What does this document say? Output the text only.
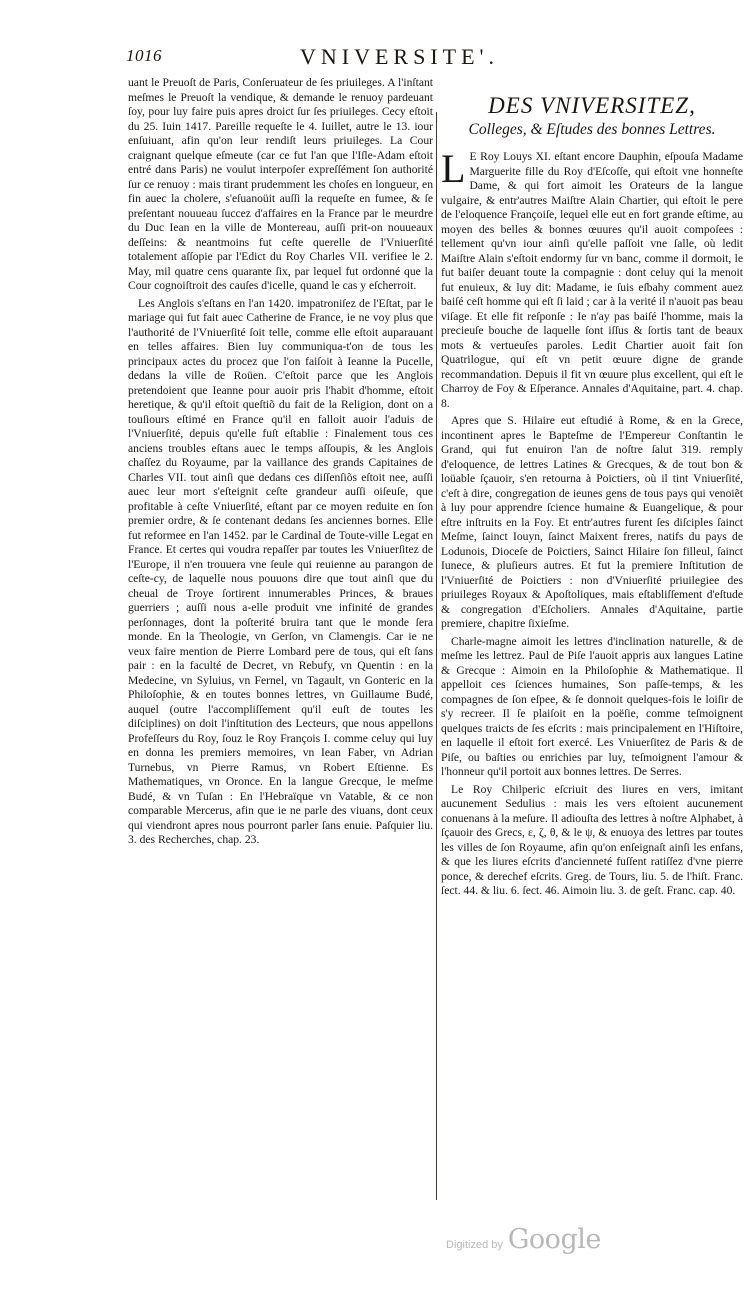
1016	VNIVERSITE'.

uant le Preuoſt de Paris, Conſeruateur de ſes priuileges. A l'inſtant meſmes le Preuoſt la vendique, & demande le renuoy pardeuant ſoy, pour luy faire puis apres droict ſur ſes priuileges. Cecy eſtoit du 25. Iuin 1417. Pareille requeſte le 4. Iuillet, autre le 13. iour enſuiuant, afin qu'on leur rendiſt leurs priuileges. La Cour craignant quelque eſmeute (car ce fut l'an que l'Iſle-Adam eſtoit entré dans Paris) ne voulut interpoſer expreſſément ſon authorité ſur ce renuoy : mais tirant prudemment les choſes en longueur, en fin auec la cholere, s'eſuanoüit auſſi la requeſte en fumee, & ſe preſentant nouueau ſuccez d'affaires en la France par le meurdre du Duc Iean en la ville de Montereau, auſſi prit-on nouueaux deſſeins: & neantmoins fut ceſte querelle de l'Vniuerſité totalement aſſopie par l'Edict du Roy Charles VII. verifiee le 2. May, mil quatre cens quarante ſix, par lequel fut ordonné que la Cour cognoiſtroit des cauſes d'icelle, quand le cas y eſcherroit.

Les Anglois s'eſtans en l'an 1420. impatroniſez de l'Eſtat, par le mariage qui fut fait auec Catherine de France, ie ne voy plus que l'authorité de l'Vniuerſité ſoit telle, comme elle eſtoit auparauant en telles affaires. Bien luy communiqua-t'on de tous les principaux actes du procez que l'on faiſoit à Ieanne la Pucelle, dedans la ville de Roüen. C'eſtoit parce que les Anglois pretendoient que Ieanne pour auoir pris l'habit d'homme, eſtoit heretique, & qu'il eſtoit queſtiõ du fait de la Religion, dont on a touſiours eſtimé en France qu'il en falloit auoir l'aduis de l'Vniuerſité, depuis qu'elle fuſt eſtablie : Finalement tous ces anciens troubles eſtans auec le temps aſſoupis, & les Anglois chaſſez du Royaume, par la vaillance des grands Capitaines de Charles VII. tout ainſi que dedans ces diſſenſiõs eſtoit nee, auſſi auec leur mort s'eſteignit ceſte grandeur auſſi oiſeuſe, que profitable à ceſte Vniuerſité, eſtant par ce moyen reduite en ſon premier ordre, & ſe contenant dedans ſes anciennes bornes. Elle fut reformee en l'an 1452. par le Cardinal de Toute-ville Legat en France. Et certes qui voudra repaſſer par toutes les Vniuerſitez de l'Europe, il n'en trouuera vne ſeule qui reuienne au parangon de ceſte-cy, de laquelle nous pouuons dire que tout ainſi que du cheual de Troye ſortirent innumerables Princes, & braues guerriers ; auſſi nous a-elle produit vne infinité de grandes perſonnages, dont la poſterité bruira tant que le monde ſera monde. En la Theologie, vn Gerſon, vn Clamengis. Car ie ne veux faire mention de Pierre Lombard pere de tous, qui eſt ſans pair : en la faculté de Decret, vn Rebufy, vn Quentin : en la Medecine, vn Syluius, vn Fernel, vn Tagault, vn Gonteric en la Philoſophie, & en toutes bonnes lettres, vn Guillaume Budé, auquel (outre l'accompliſſement qu'il euſt de toutes les diſciplines) on doit l'inſtitution des Lecteurs, que nous appellons Profeſſeurs du Roy, ſouz le Roy François I. comme celuy qui luy en donna les premiers memoires, vn Iean Faber, vn Adrian Turnebus, vn Pierre Ramus, vn Robert Eſtienne. Es Mathematiques, vn Oronce. En la langue Grecque, le meſme Budé, & vn Tuſan : En l'Hebraïque vn Vatable, & ce non comparable Mercerus, afin que ie ne parle des viuans, dont ceux qui viendront apres nous pourront parler ſans enuie. Paſquier liu. 3. des Recherches, chap. 23.

DES VNIVERSITEZ,
Colleges, & Eſtudes des bonnes Lettres.

L E Roy Louys XI. eſtant encore Dauphin, eſpouſa Madame Marguerite fille du Roy d'Eſcoſſe, qui eſtoit vne honneſte Dame, & qui fort aimoit les Orateurs de la langue vulgaire, & entr'autres Maiſtre Alain Chartier, qui eſtoit le pere de l'eloquence Françoiſe, lequel elle eut en fort grande eſtime, au moyen des belles & bonnes œuures qu'il auoit compoſees : tellement qu'vn iour ainſi qu'elle paſſoit vne ſalle, où ledit Maiſtre Alain s'eſtoit endormy ſur vn banc, comme il dormoit, le fut baiſer deuant toute la compagnie : dont celuy qui la menoit fut enuieux, & luy dit: Madame, ie ſuis eſbahy comment auez baiſé ceſt homme qui eſt ſi laid ; car à la verité il n'auoit pas beau viſage. Et elle fit reſponſe : Ie n'ay pas baiſé l'homme, mais la precieuſe bouche de laquelle ſont iſſus & ſortis tant de beaux mots & vertueuſes paroles. Ledit Chartier auoit fait ſon Quatrilogue, qui eſt vn petit œuure digne de grande recommandation. Depuis il fit vn œuure plus excellent, qui eſt le Charroy de Foy & Eſperance. Annales d'Aquitaine, part. 4. chap. 8.

Apres que S. Hilaire eut eſtudié à Rome, & en la Grece, incontinent apres le Bapteſme de l'Empereur Conſtantin le Grand, qui fut enuiron l'an de noſtre ſalut 319. remply d'eloquence, de lettres Latines & Grecques, & de tout bon & loüable ſçauoir, s'en retourna à Poictiers, où il tint Vniuerſité, c'eſt à dire, congregation de ieunes gens de tous pays qui venoiẽt à luy pour apprendre ſcience humaine & Euangelique, & pour eſtre inſtruits en la Foy. Et entr'autres furent ſes diſciples ſainct Meſme, ſainct Iouyn, ſainct Maixent freres, natifs du pays de Lodunois, Dioceſe de Poictiers, Sainct Hilaire ſon filleul, ſainct Iunece, & pluſieurs autres. Et fut la premiere Inſtitution de l'Vniuerſité de Poictiers : non d'Vniuerſité priuilegiee des priuileges Royaux & Apoſtoliques, mais eſtabliſſement d'eſtude & congregation d'Eſcholiers. Annales d'Aquitaine, partie premiere, chapitre ſixieſme.

Charle-magne aimoit les lettres d'inclination naturelle, & de meſme les lettrez. Paul de Piſe l'auoit appris aux langues Latine & Grecque : Aimoin en la Philoſophie & Mathematique. Il appelloit ces ſciences humaines, Son paſſe-temps, & les compagnes de ſon eſpee, & ſe donnoit quelques-fois le loiſir de s'y recreer. Il ſe plaiſoit en la poëſie, comme teſmoignent quelques traicts de ſes eſcrits : mais principalement en l'Hiſtoire, en laquelle il eſtoit fort exercé. Les Vniuerſitez de Paris & de Piſe, ou baſties ou enrichies par luy, teſmoignent l'amour & l'honneur qu'il portoit aux bonnes lettres. De Serres.

Le Roy Chilperic eſcriuit des liures en vers, imitant aucunement Sedulius : mais les vers eſtoient aucunement conuenans à la meſure. Il adiouſta des lettres à noſtre Alphabet, à ſçauoir des Grecs, ε, ζ, θ, & le ψ, & enuoya des lettres par toutes les villes de ſon Royaume, afin qu'on enſeignaſt ainſi les enfans, & que les liures eſcrits d'ancienneté fuſſent ratiſſez d'vne pierre ponce, & derechef eſcrits. Greg. de Tours, liu. 5. de l'hiſt. Franc. ſect. 44. & liu. 6. ſect. 46. Aimoin liu. 3. de geſt. Franc. cap. 40.

Digitized by Google
